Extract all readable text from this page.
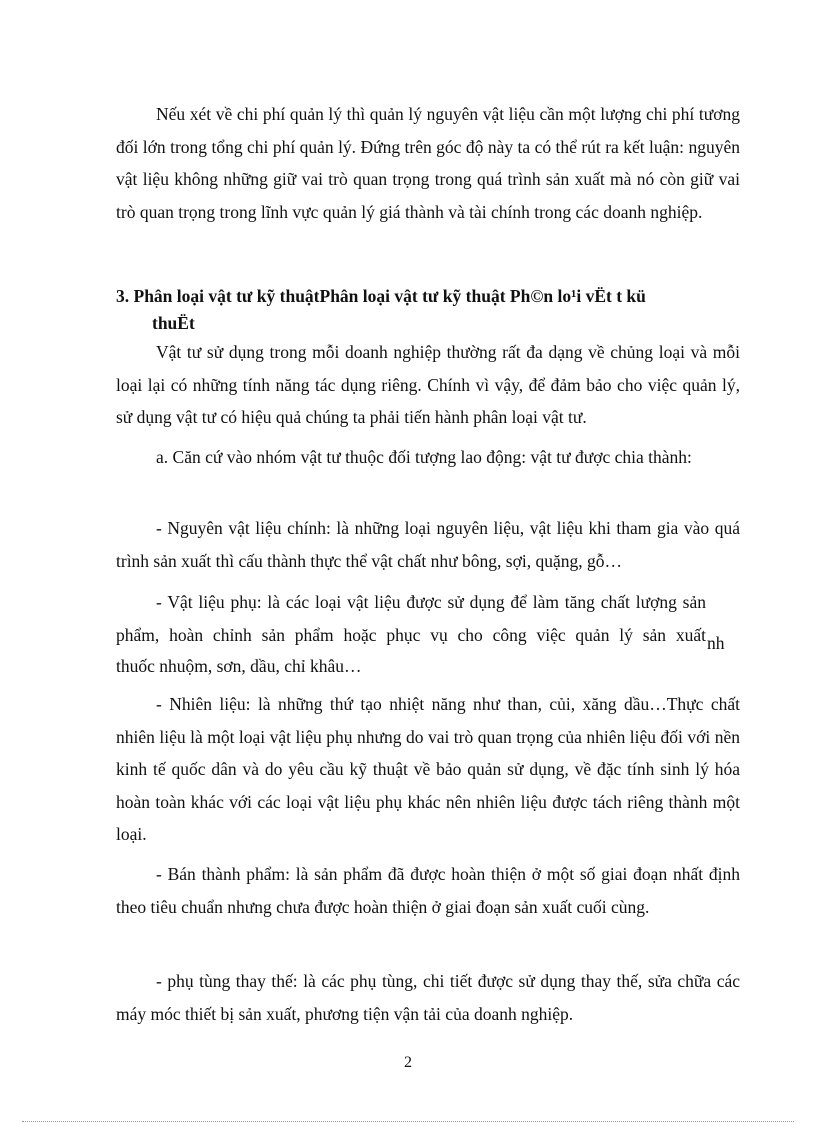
Nếu xét về chi phí quản lý thì quản lý nguyên vật liệu cần một lượng chi phí tương đối lớn trong tổng chi phí quản lý. Đứng trên góc độ này ta có thể rút ra kết luận: nguyên vật liệu không những giữ vai trò quan trọng trong quá trình sản xuất mà nó còn giữ vai trò quan trọng trong lĩnh vực quản lý giá thành và tài chính trong các doanh nghiệp.

3. Phân loại vật tư kỹ thuậtPhân loại vật tư kỹ thuật Ph©n lo¹i vËt t kü
thuËt

Vật tư sử dụng trong mỗi doanh nghiệp thường rất đa dạng về chủng loại và mỗi loại lại có những tính năng tác dụng riêng. Chính vì vậy, để đảm bảo cho việc quản lý, sử dụng vật tư có hiệu quả chúng ta phải tiến hành phân loại vật tư.

a. Căn cứ vào nhóm vật tư thuộc đối tượng lao động: vật tư được chia thành:

- Nguyên vật liệu chính: là những loại nguyên liệu, vật liệu khi tham gia vào quá trình sản xuất thì cấu thành thực thể vật chất như bông, sợi, quặng, gỗ…

- Vật liệu phụ: là các loại vật liệu được sử dụng để làm tăng chất lượng sản phẩm, hoàn chỉnh sản phẩm hoặc phục vụ cho công việc quản lý sản xuất nh

thuốc nhuộm, sơn, dầu, chỉ khâu…

- Nhiên liệu: là những thứ tạo nhiệt năng như than, củi, xăng dầu…Thực chất nhiên liệu là một loại vật liệu phụ nhưng do vai trò quan trọng của nhiên liệu đối với nền kinh tế quốc dân và do yêu cầu kỹ thuật về bảo quản sử dụng, về đặc tính sinh lý hóa hoàn toàn khác với các loại vật liệu phụ khác nên nhiên liệu được tách riêng thành một loại.

- Bán thành phẩm: là sản phẩm đã được hoàn thiện ở một số giai đoạn nhất định theo tiêu chuẩn nhưng chưa được hoàn thiện ở giai đoạn sản xuất cuối cùng.

- phụ tùng thay thế: là các phụ tùng, chi tiết được sử dụng thay thế, sửa chữa các máy móc thiết bị sản xuất, phương tiện vận tải của doanh nghiệp.

2
